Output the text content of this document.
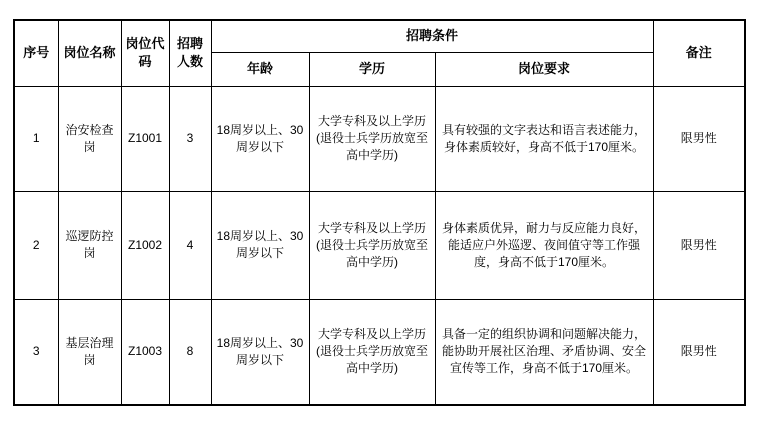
序号	岗位名称	岗位代码	招聘人数	招聘条件			备注
				年龄	学历	岗位要求	
1	治安检查岗	Z1001	3	18周岁以上、30周岁以下	大学专科及以上学历(退役士兵学历放宽至高中学历)	具有较强的文字表达和语言表述能力，身体素质较好，身高不低于170厘米。	限男性
2	巡逻防控岗	Z1002	4	18周岁以上、30周岁以下	大学专科及以上学历(退役士兵学历放宽至高中学历)	身体素质优异，耐力与反应能力良好，能适应户外巡逻、夜间值守等工作强度，身高不低于170厘米。	限男性
3	基层治理岗	Z1003	8	18周岁以上、30周岁以下	大学专科及以上学历(退役士兵学历放宽至高中学历)	具备一定的组织协调和问题解决能力，能协助开展社区治理、矛盾协调、安全宣传等工作，身高不低于170厘米。	限男性
